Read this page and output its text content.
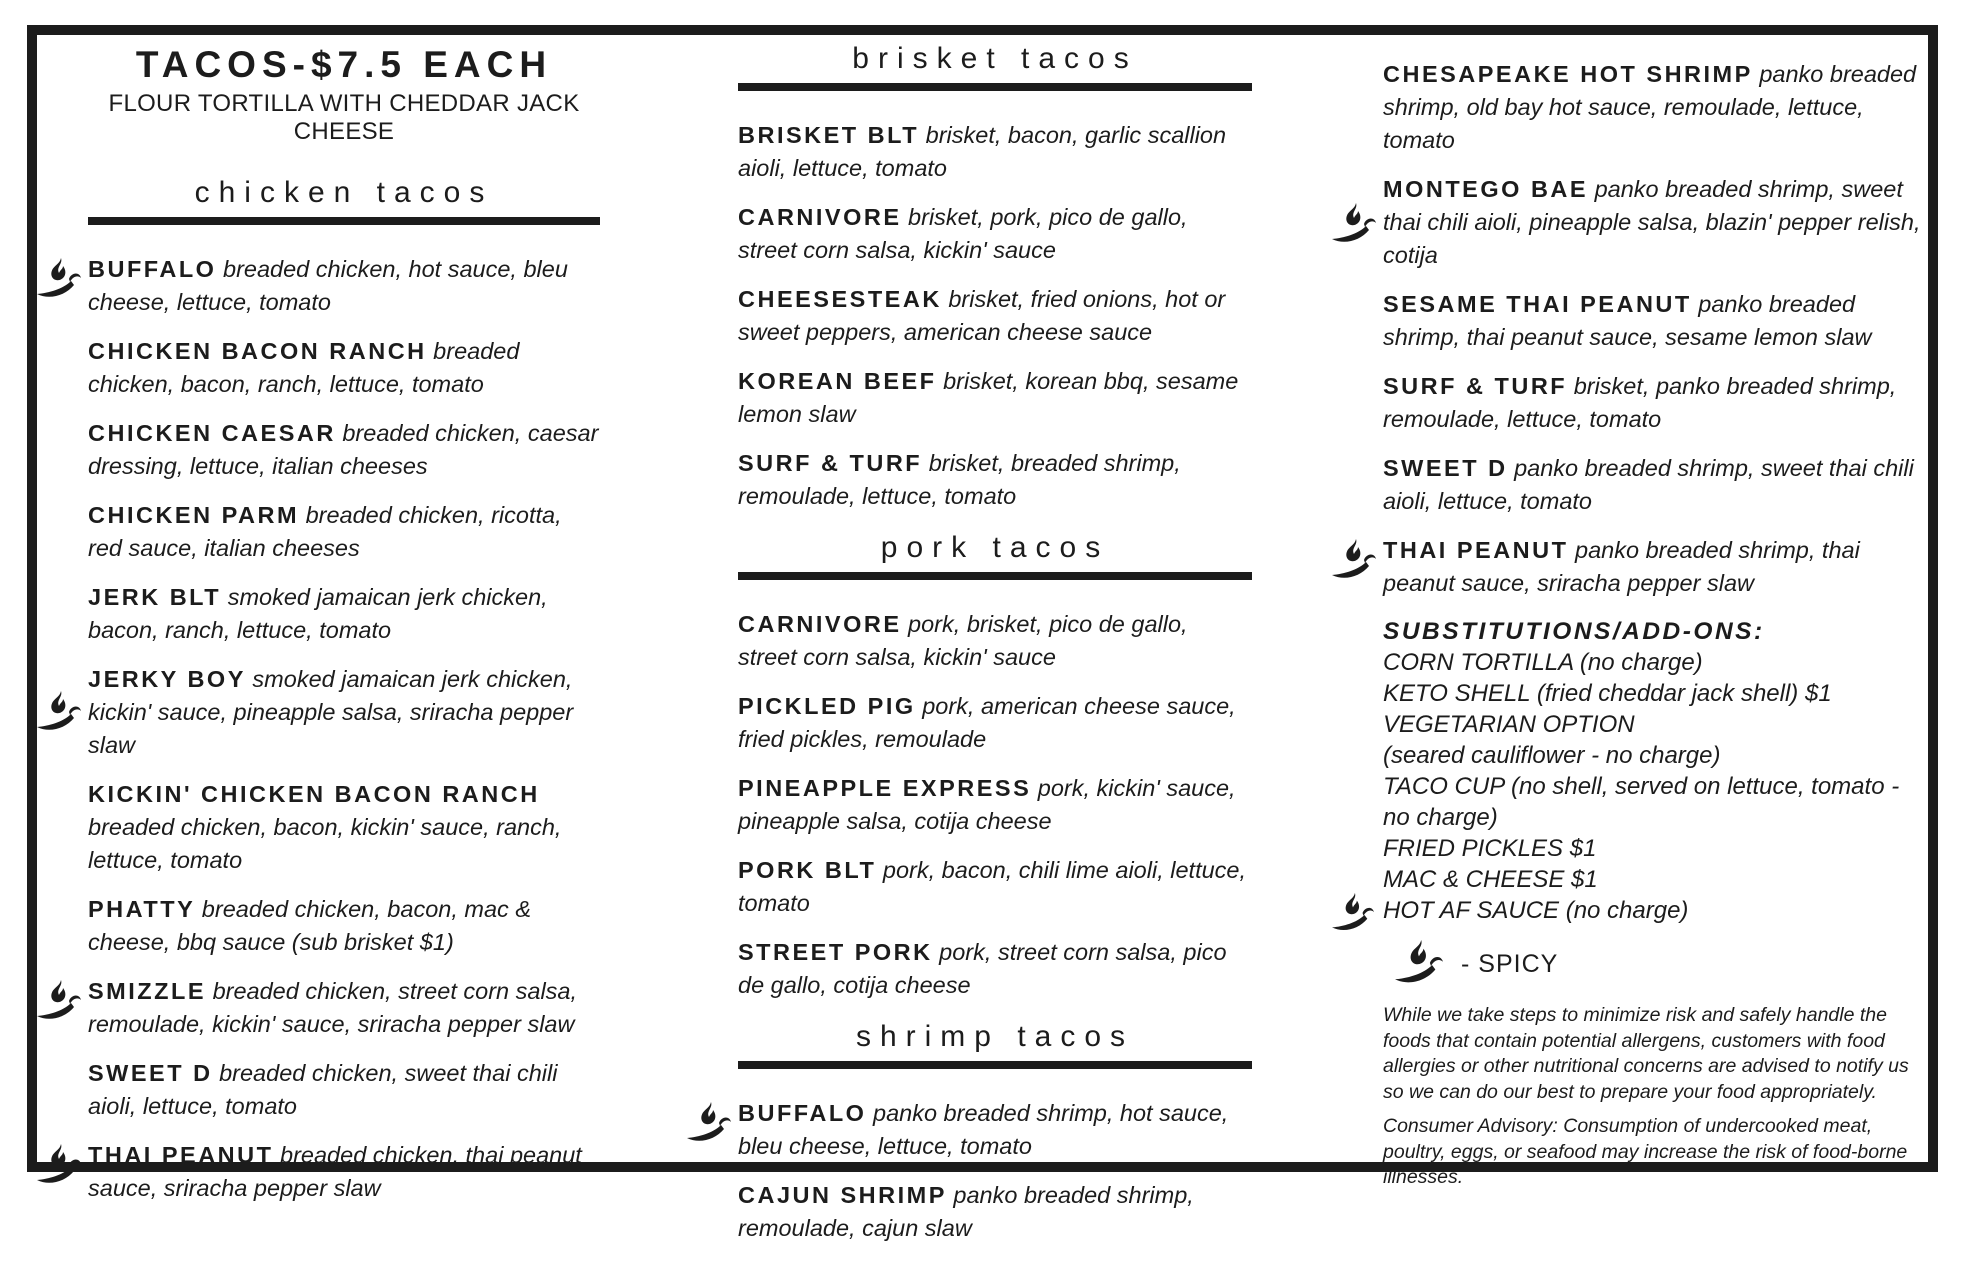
TACOS-$7.5 EACH
FLOUR TORTILLA WITH CHEDDAR JACK CHEESE
chicken tacos

BUFFALO breaded chicken, hot sauce, bleu cheese, lettuce, tomato

CHICKEN BACON RANCH breaded chicken, bacon, ranch, lettuce, tomato

CHICKEN CAESAR breaded chicken, caesar dressing, lettuce, italian cheeses

CHICKEN PARM breaded chicken, ricotta, red sauce, italian cheeses

JERK BLT smoked jamaican jerk chicken, bacon, ranch, lettuce, tomato

JERKY BOY smoked jamaican jerk chicken, kickin' sauce, pineapple salsa, sriracha pepper slaw

KICKIN' CHICKEN BACON RANCH breaded chicken, bacon, kickin' sauce, ranch, lettuce, tomato

PHATTY breaded chicken, bacon, mac & cheese, bbq sauce (sub brisket $1)

SMIZZLE breaded chicken, street corn salsa, remoulade, kickin' sauce, sriracha pepper slaw

SWEET D breaded chicken, sweet thai chili aioli, lettuce, tomato

THAI PEANUT breaded chicken, thai peanut sauce, sriracha pepper slaw

brisket tacos

BRISKET BLT brisket, bacon, garlic scallion aioli, lettuce, tomato

CARNIVORE brisket, pork, pico de gallo, street corn salsa, kickin' sauce

CHEESESTEAK brisket, fried onions, hot or sweet peppers, american cheese sauce

KOREAN BEEF brisket, korean bbq, sesame lemon slaw

SURF & TURF brisket, breaded shrimp, remoulade, lettuce, tomato

pork tacos

CARNIVORE pork, brisket, pico de gallo, street corn salsa, kickin' sauce

PICKLED PIG pork, american cheese sauce, fried pickles, remoulade

PINEAPPLE EXPRESS pork, kickin' sauce, pineapple salsa, cotija cheese

PORK BLT pork, bacon, chili lime aioli, lettuce, tomato

STREET PORK pork, street corn salsa, pico de gallo, cotija cheese

shrimp tacos

BUFFALO panko breaded shrimp, hot sauce, bleu cheese, lettuce, tomato

CAJUN SHRIMP panko breaded shrimp, remoulade, cajun slaw

CHESAPEAKE HOT SHRIMP panko breaded shrimp, old bay hot sauce, remoulade, lettuce, tomato

MONTEGO BAE panko breaded shrimp, sweet thai chili aioli, pineapple salsa, blazin' pepper relish, cotija

SESAME THAI PEANUT panko breaded shrimp, thai peanut sauce, sesame lemon slaw

SURF & TURF brisket, panko breaded shrimp, remoulade, lettuce, tomato

SWEET D panko breaded shrimp, sweet thai chili aioli, lettuce, tomato

THAI PEANUT panko breaded shrimp, thai peanut sauce, sriracha pepper slaw

SUBSTITUTIONS/ADD-ONS:
CORN TORTILLA (no charge)
KETO SHELL (fried cheddar jack shell) $1
VEGETARIAN OPTION
(seared cauliflower - no charge)
TACO CUP (no shell, served on lettuce, tomato - no charge)
FRIED PICKLES $1
MAC & CHEESE $1
HOT AF SAUCE (no charge)
- SPICY

While we take steps to minimize risk and safely handle the foods that contain potential allergens, customers with food allergies or other nutritional concerns are advised to notify us so we can do our best to prepare your food appropriately.

Consumer Advisory: Consumption of undercooked meat, poultry, eggs, or seafood may increase the risk of food-borne illnesses.
